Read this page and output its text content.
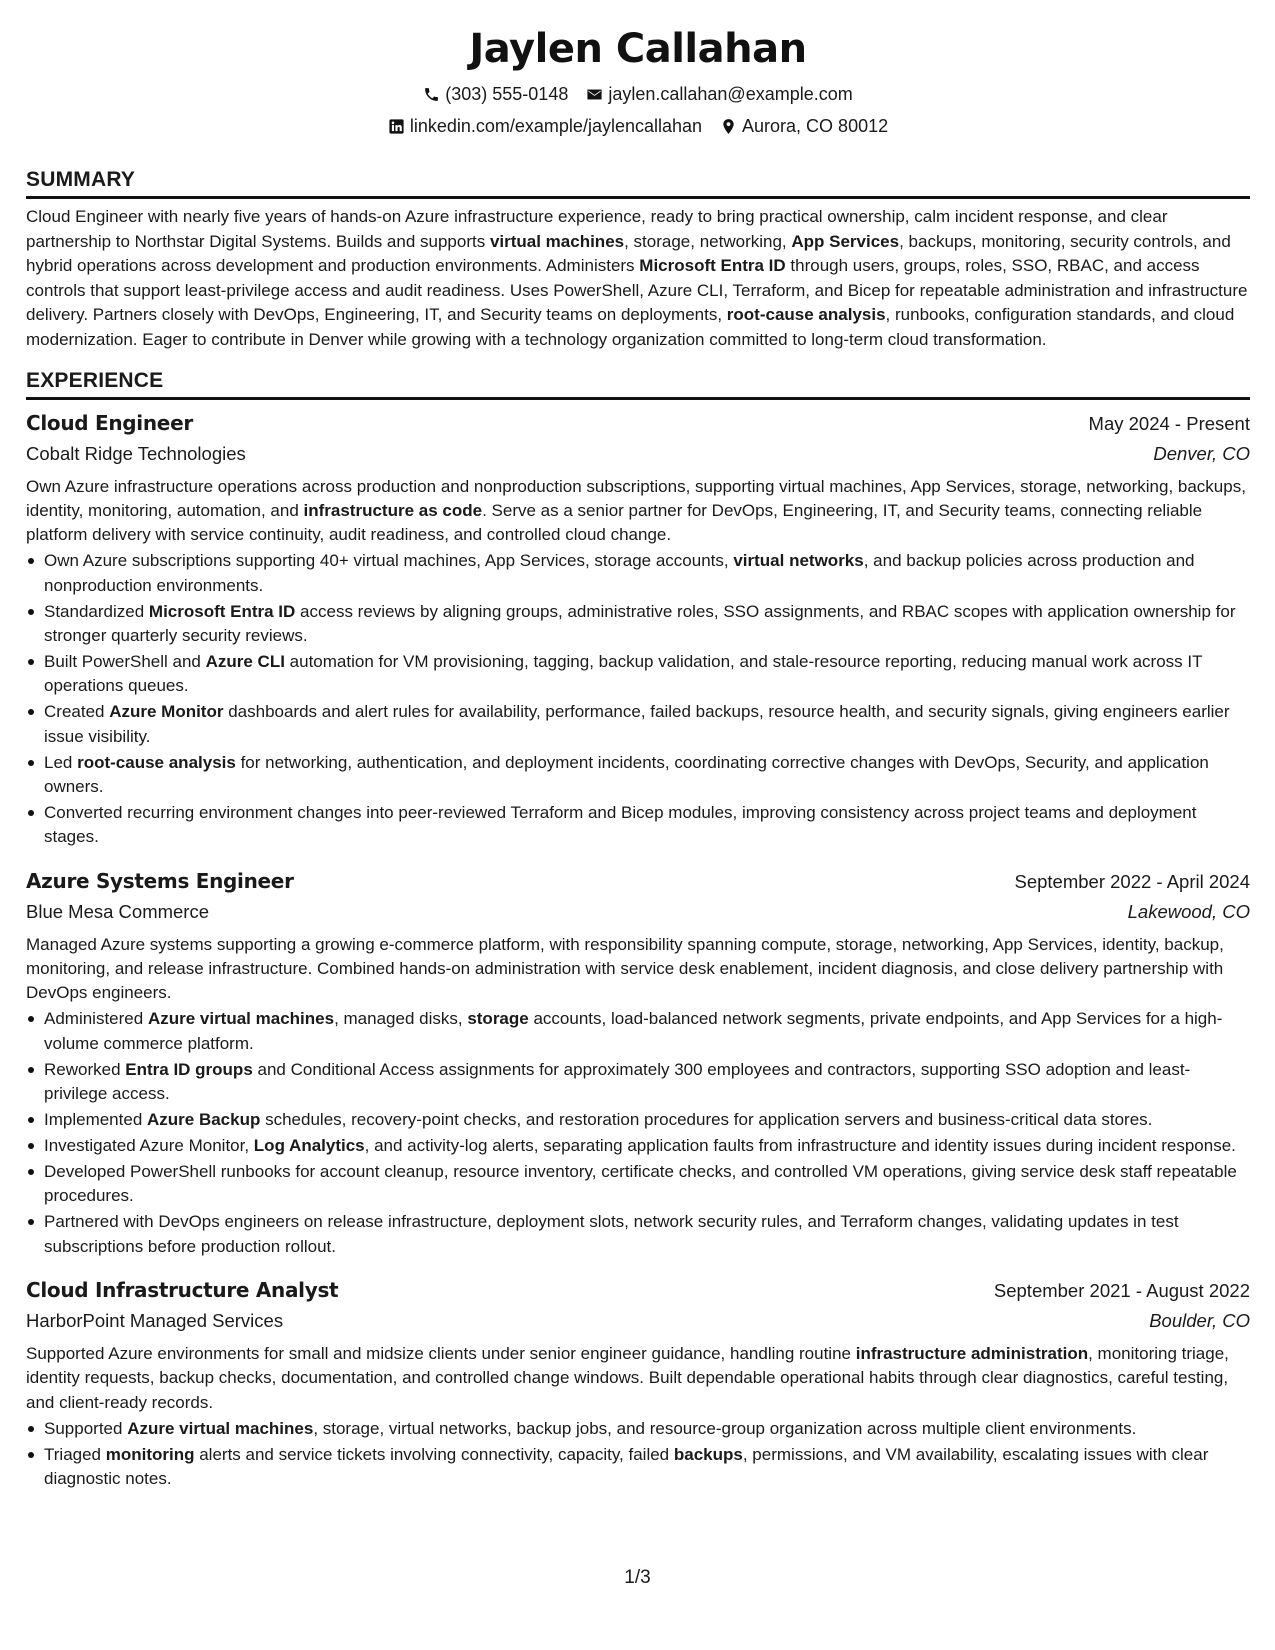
Jaylen Callahan
(303) 555-0148 jaylen.callahan@example.com
linkedin.com/example/jaylencallahan Aurora, CO 80012
SUMMARY

Cloud Engineer with nearly five years of hands-on Azure infrastructure experience, ready to bring practical ownership, calm incident response, and clear partnership to Northstar Digital Systems. Builds and supports virtual machines, storage, networking, App Services, backups, monitoring, security controls, and hybrid operations across development and production environments. Administers Microsoft Entra ID through users, groups, roles, SSO, RBAC, and access controls that support least-privilege access and audit readiness. Uses PowerShell, Azure CLI, Terraform, and Bicep for repeatable administration and infrastructure delivery. Partners closely with DevOps, Engineering, IT, and Security teams on deployments, root-cause analysis, runbooks, configuration standards, and cloud modernization. Eager to contribute in Denver while growing with a technology organization committed to long-term cloud transformation.

EXPERIENCE
Cloud Engineer	May 2024 - Present
Cobalt Ridge Technologies	Denver, CO

Own Azure infrastructure operations across production and nonproduction subscriptions, supporting virtual machines, App Services, storage, networking, backups, identity, monitoring, automation, and infrastructure as code. Serve as a senior partner for DevOps, Engineering, IT, and Security teams, connecting reliable platform delivery with service continuity, audit readiness, and controlled cloud change.

Own Azure subscriptions supporting 40+ virtual machines, App Services, storage accounts, virtual networks, and backup policies across production and nonproduction environments.
Standardized Microsoft Entra ID access reviews by aligning groups, administrative roles, SSO assignments, and RBAC scopes with application ownership for stronger quarterly security reviews.
Built PowerShell and Azure CLI automation for VM provisioning, tagging, backup validation, and stale-resource reporting, reducing manual work across IT operations queues.
Created Azure Monitor dashboards and alert rules for availability, performance, failed backups, resource health, and security signals, giving engineers earlier issue visibility.
Led root-cause analysis for networking, authentication, and deployment incidents, coordinating corrective changes with DevOps, Security, and application owners.
Converted recurring environment changes into peer-reviewed Terraform and Bicep modules, improving consistency across project teams and deployment stages.
Azure Systems Engineer	September 2022 - April 2024
Blue Mesa Commerce	Lakewood, CO

Managed Azure systems supporting a growing e-commerce platform, with responsibility spanning compute, storage, networking, App Services, identity, backup, monitoring, and release infrastructure. Combined hands-on administration with service desk enablement, incident diagnosis, and close delivery partnership with DevOps engineers.

Administered Azure virtual machines, managed disks, storage accounts, load-balanced network segments, private endpoints, and App Services for a high-volume commerce platform.
Reworked Entra ID groups and Conditional Access assignments for approximately 300 employees and contractors, supporting SSO adoption and least-privilege access.
Implemented Azure Backup schedules, recovery-point checks, and restoration procedures for application servers and business-critical data stores.
Investigated Azure Monitor, Log Analytics, and activity-log alerts, separating application faults from infrastructure and identity issues during incident response.
Developed PowerShell runbooks for account cleanup, resource inventory, certificate checks, and controlled VM operations, giving service desk staff repeatable procedures.
Partnered with DevOps engineers on release infrastructure, deployment slots, network security rules, and Terraform changes, validating updates in test subscriptions before production rollout.
Cloud Infrastructure Analyst	September 2021 - August 2022
HarborPoint Managed Services	Boulder, CO

Supported Azure environments for small and midsize clients under senior engineer guidance, handling routine infrastructure administration, monitoring triage, identity requests, backup checks, documentation, and controlled change windows. Built dependable operational habits through clear diagnostics, careful testing, and client-ready records.

Supported Azure virtual machines, storage, virtual networks, backup jobs, and resource-group organization across multiple client environments.
Triaged monitoring alerts and service tickets involving connectivity, capacity, failed backups, permissions, and VM availability, escalating issues with clear diagnostic notes.
1/3
